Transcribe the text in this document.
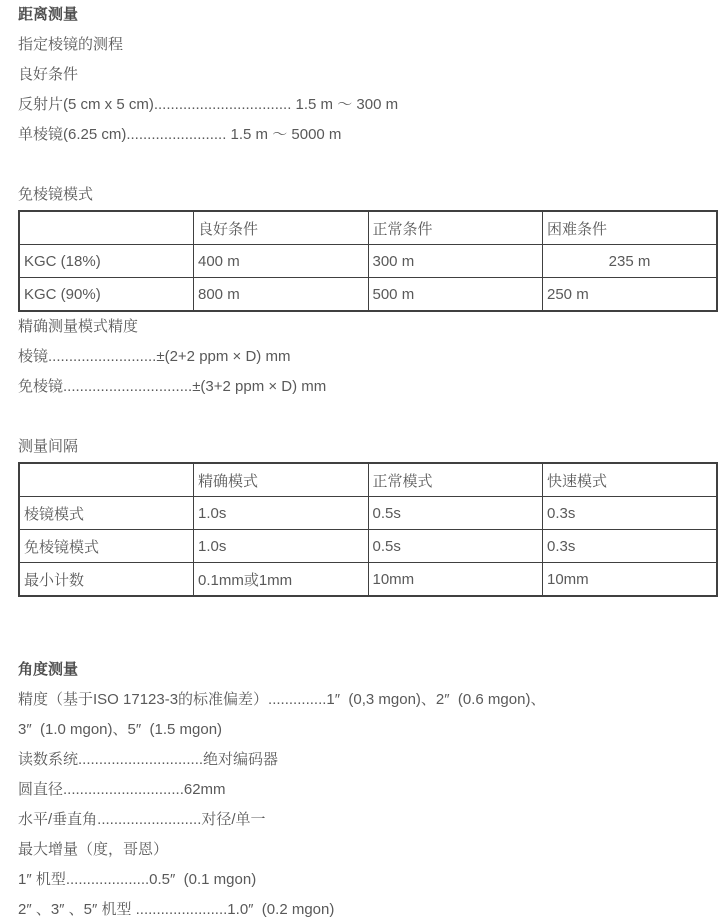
距离测量
指定棱镜的测程
良好条件
反射片(5 cm x 5 cm)................................. 1.5 m ～ 300 m
单棱镜(6.25 cm)........................ 1.5 m ～ 5000 m
免棱镜模式
	良好条件	正常条件	困难条件
KGC (18%)	400 m	300 m	235 m
KGC (90%)	800 m	500 m	250 m
精确测量模式精度
棱镜..........................±(2+2 ppm × D) mm
免棱镜...............................±(3+2 ppm × D) mm
测量间隔
	精确模式	正常模式	快速模式
棱镜模式	1.0s	0.5s	0.3s
免棱镜模式	1.0s	0.5s	0.3s
最小计数	0.1mm或1mm	10mm	10mm
角度测量
精度（基于ISO 17123-3的标准偏差）..............1″  (0,3 mgon)、2″  (0.6 mgon)、
3″  (1.0 mgon)、5″  (1.5 mgon)
读数系统..............................绝对编码器
圆直径.............................62mm
水平/垂直角.........................对径/单一
最大增量（度，哥恩）
1″ 机型....................0.5″  (0.1 mgon)
2″ 、3″ 、5″ 机型 ......................1.0″  (0.2 mgon)
